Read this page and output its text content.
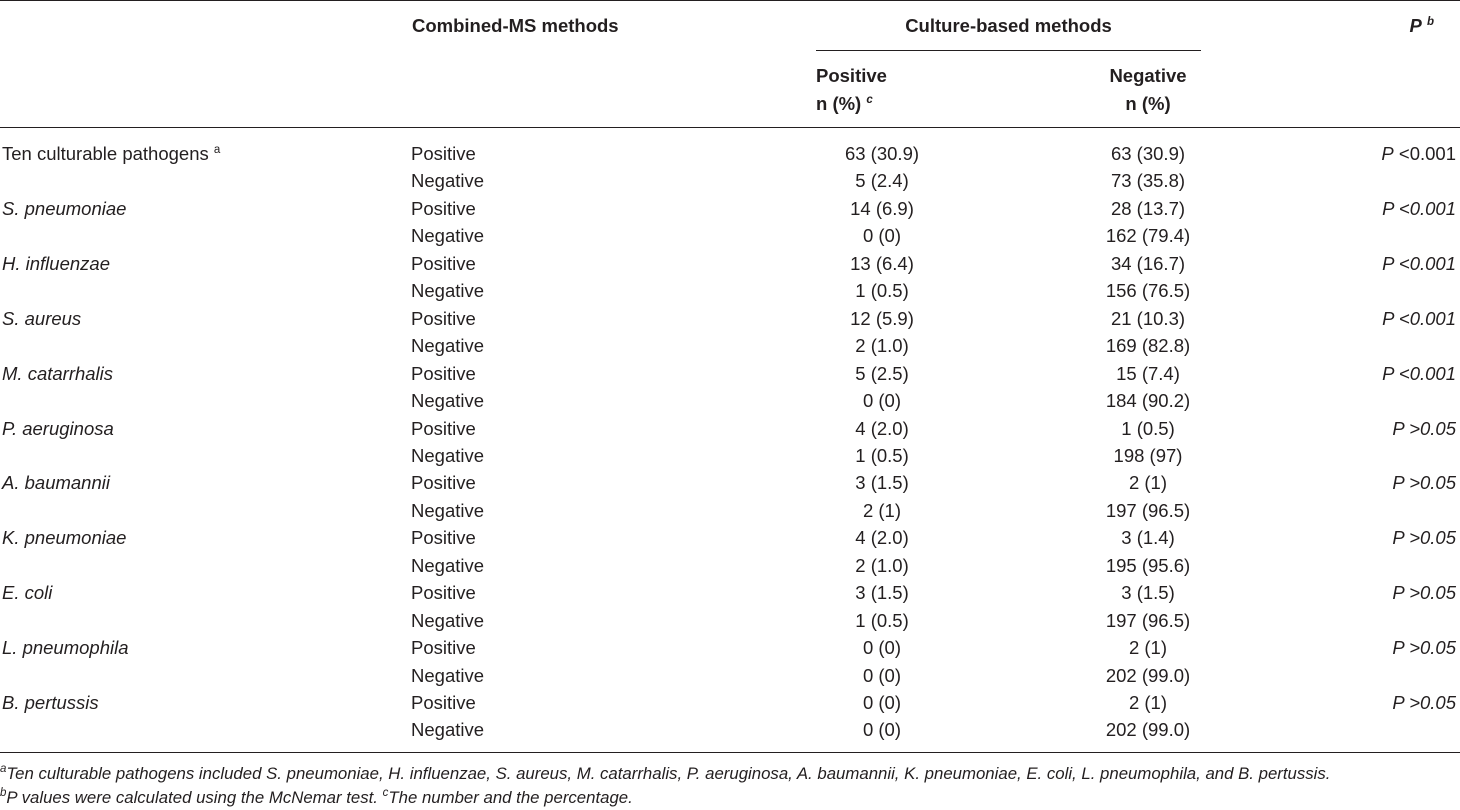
Combined-MS methods	Culture-based methods	P $^b$
Positive
n (%) $^c$
Negative
n (%)
Ten culturable pathogens $^a$	Positive	63 (30.9)	63 (30.9)	P <0.001
Negative	5 (2.4)	73 (35.8)
S. pneumoniae	Positive	14 (6.9)	28 (13.7)	P <0.001
Negative	0 (0)	162 (79.4)
H. influenzae	Positive	13 (6.4)	34 (16.7)	P <0.001
Negative	1 (0.5)	156 (76.5)
S. aureus	Positive	12 (5.9)	21 (10.3)	P <0.001
Negative	2 (1.0)	169 (82.8)
M. catarrhalis	Positive	5 (2.5)	15 (7.4)	P <0.001
Negative	0 (0)	184 (90.2)
P. aeruginosa	Positive	4 (2.0)	1 (0.5)	P >0.05
Negative	1 (0.5)	198 (97)
A. baumannii	Positive	3 (1.5)	2 (1)	P >0.05
Negative	2 (1)	197 (96.5)
K. pneumoniae	Positive	4 (2.0)	3 (1.4)	P >0.05
Negative	2 (1.0)	195 (95.6)
E. coli	Positive	3 (1.5)	3 (1.5)	P >0.05
Negative	1 (0.5)	197 (96.5)
L. pneumophila	Positive	0 (0)	2 (1)	P >0.05
Negative	0 (0)	202 (99.0)
B. pertussis	Positive	0 (0)	2 (1)	P >0.05
Negative	0 (0)	202 (99.0)
$^a$Ten culturable pathogens included S. pneumoniae, H. influenzae, S. aureus, M. catarrhalis, P. aeruginosa, A. baumannii, K. pneumoniae, E. coli, L. pneumophila, and B. pertussis.
$^b$P values were calculated using the McNemar test. $^c$The number and the percentage.
